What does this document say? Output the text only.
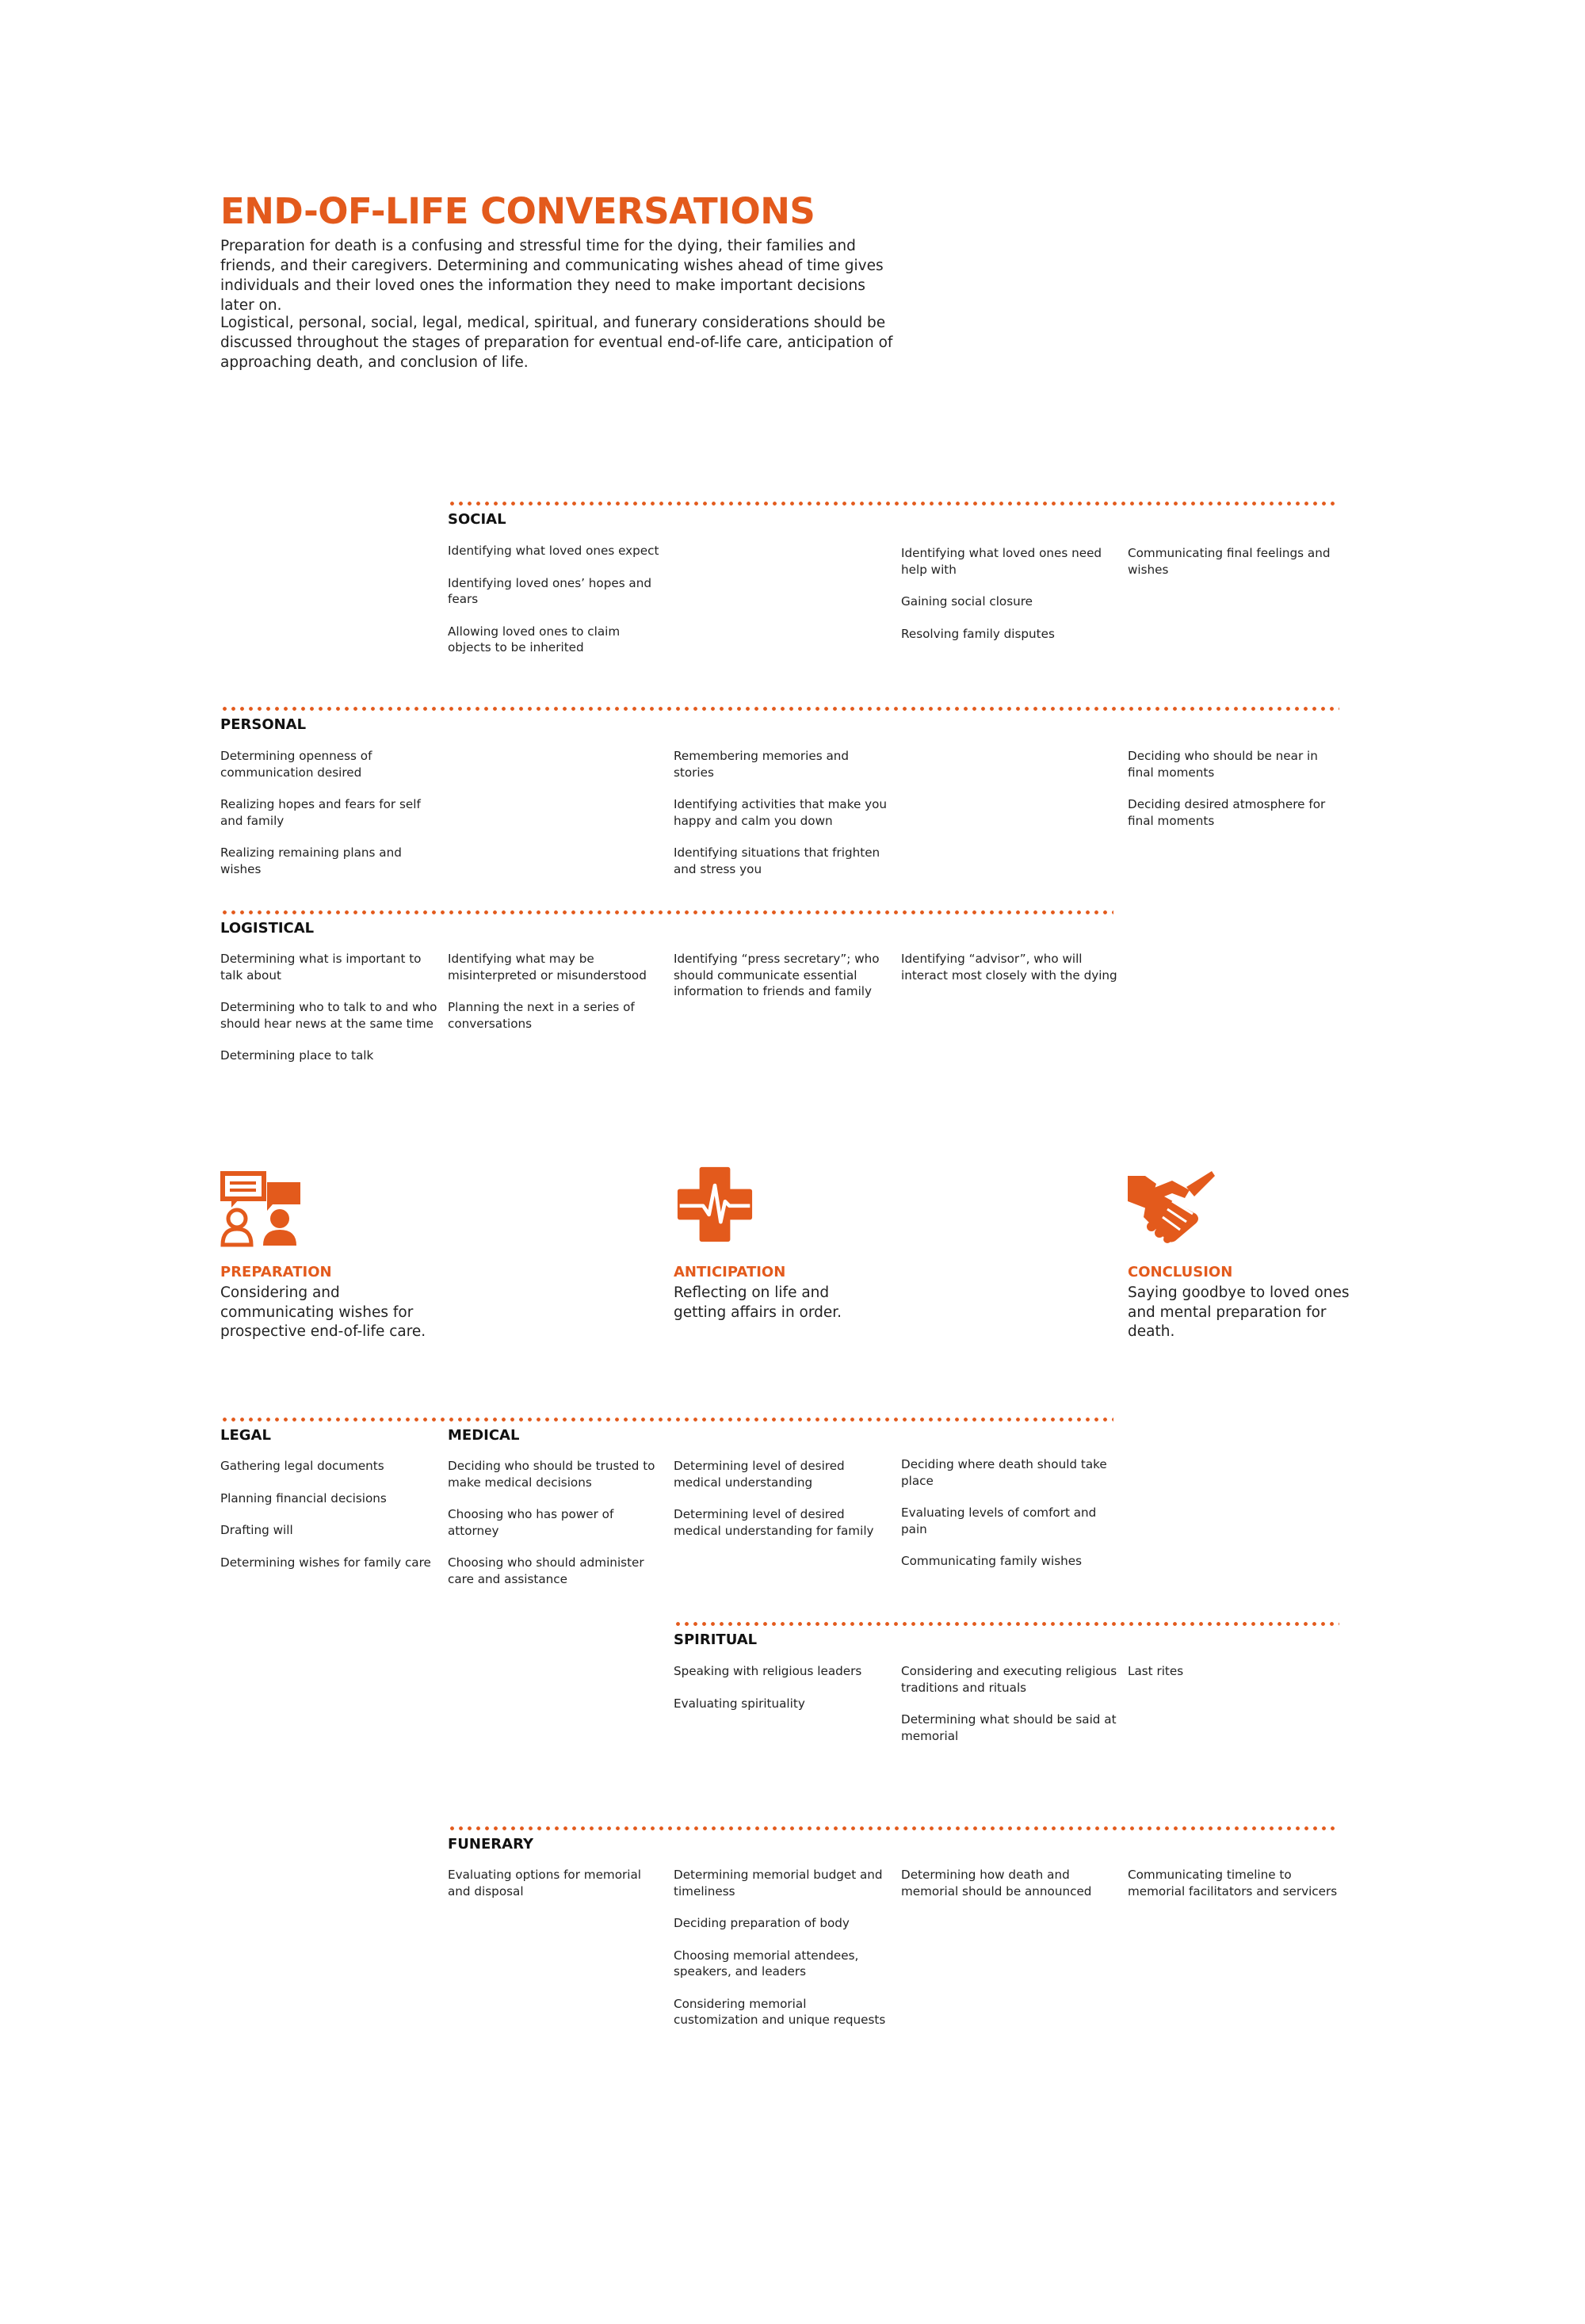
END-OF-LIFE CONVERSATIONS

Preparation for death is a confusing and stressful time for the dying, their families and friends, and their caregivers. Determining and communicating wishes ahead of time gives individuals and their loved ones the information they need to make important decisions later on.

Logistical, personal, social, legal, medical, spiritual, and funerary considerations should be discussed throughout the stages of preparation for eventual end-of-life care, anticipation of approaching death, and conclusion of life.

SOCIAL
Identifying what loved ones expect
Identifying loved ones’ hopes and fears
Allowing loved ones to claim objects to be inherited
Identifying what loved ones need help with
Gaining social closure
Resolving family disputes
Communicating final feelings and wishes
PERSONAL
Determining openness of communication desired
Realizing hopes and fears for self and family
Realizing remaining plans and wishes
Remembering memories and stories
Identifying activities that make you happy and calm you down
Identifying situations that frighten and stress you
Deciding who should be near in final moments
Deciding desired atmosphere for final moments
LOGISTICAL
Determining what is important to talk about
Determining who to talk to and who should hear news at the same time
Determining place to talk
Identifying what may be misinterpreted or misunderstood
Planning the next in a series of conversations
Identifying “press secretary”; who should communicate essential information to friends and family
Identifying “advisor”, who will interact most closely with the dying
PREPARATION

Considering and communicating wishes for prospective end-of-life care.

ANTICIPATION

Reflecting on life and getting affairs in order.

CONCLUSION

Saying goodbye to loved ones and mental preparation for death.

LEGAL
Gathering legal documents
Planning financial decisions
Drafting will
Determining wishes for family care
MEDICAL
Deciding who should be trusted to make medical decisions
Choosing who has power of attorney
Choosing who should administer care and assistance
Determining level of desired medical understanding
Determining level of desired medical understanding for family
Deciding where death should take place
Evaluating levels of comfort and pain
Communicating family wishes
SPIRITUAL
Speaking with religious leaders
Evaluating spirituality
Considering and executing religious traditions and rituals
Determining what should be said at memorial
Last rites
FUNERARY
Evaluating options for memorial and disposal
Determining memorial budget and timeliness
Deciding preparation of body
Choosing memorial attendees, speakers, and leaders
Considering memorial customization and unique requests
Determining how death and memorial should be announced
Communicating timeline to memorial facilitators and servicers
